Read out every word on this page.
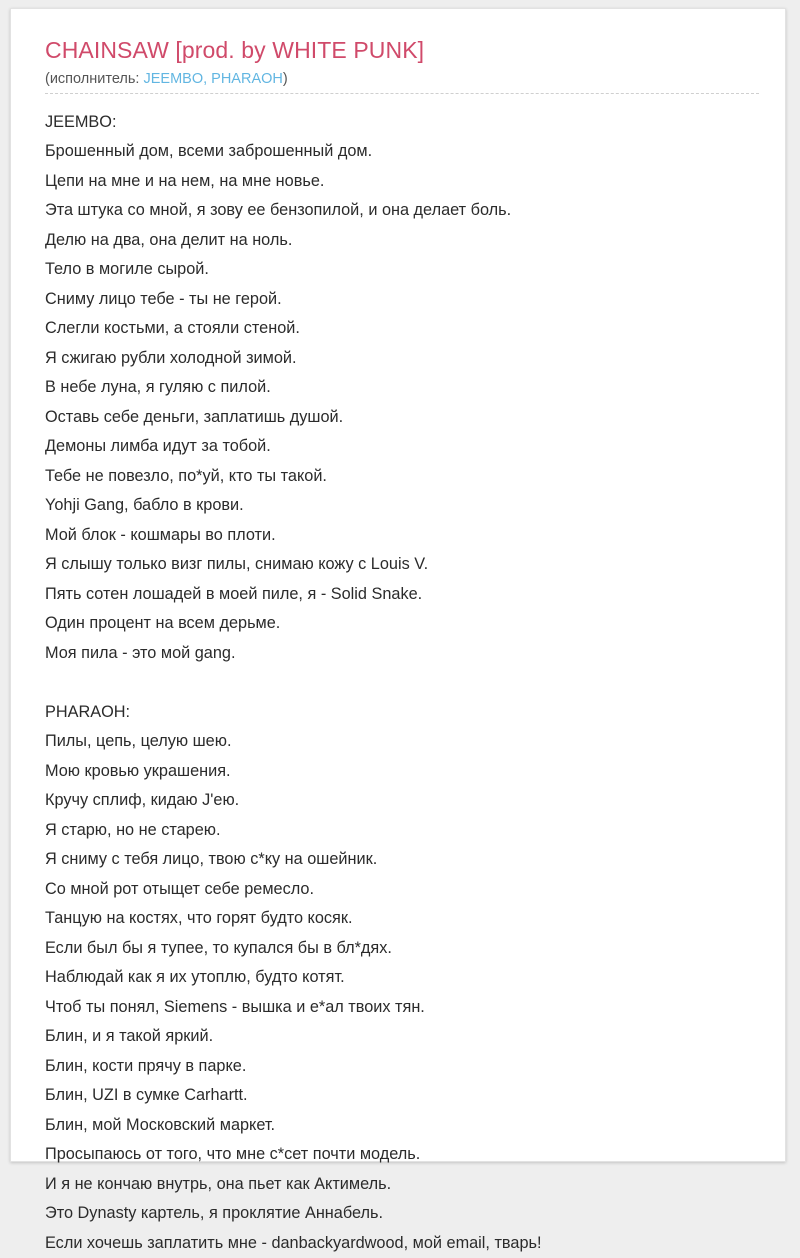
CHAINSAW [prod. by WHITE PUNK]
(исполнитель: JEEMBO, PHARAOH)
JEEMBO:
Брошенный дом, всеми заброшенный дом.
Цепи на мне и на нем, на мне новье.
Эта штука со мной, я зову ее бензопилой, и она делает боль.
Делю на два, она делит на ноль.
Тело в могиле сырой.
Сниму лицо тебе - ты не герой.
Слегли костьми, а стояли стеной.
Я сжигаю рубли холодной зимой.
В небе луна, я гуляю с пилой.
Оставь себе деньги, заплатишь душой.
Демоны лимба идут за тобой.
Тебе не повезло, по*уй, кто ты такой.
Yohji Gang, бабло в крови.
Мой блок - кошмары во плоти.
Я слышу только визг пилы, снимаю кожу с Louis V.
Пять сотен лошадей в моей пиле, я - Solid Snake.
Один процент на всем дерьме.
Моя пила - это мой gang.
PHARAOH:
Пилы, цепь, целую шею.
Мою кровью украшения.
Кручу сплиф, кидаю J'ею.
Я старю, но не старею.
Я сниму с тебя лицо, твою с*ку на ошейник.
Со мной рот отыщет себе ремесло.
Танцую на костях, что горят будто косяк.
Если был бы я тупее, то купался бы в бл*дях.
Наблюдай как я их утоплю, будто котят.
Чтоб ты понял, Siemens - вышка и е*ал твоих тян.
Блин, и я такой яркий.
Блин, кости прячу в парке.
Блин, UZI в сумке Carhartt.
Блин, мой Московский маркет.
Просыпаюсь от того, что мне с*сет почти модель.
И я не кончаю внутрь, она пьет как Актимель.
Это Dynasty картель, я проклятие Аннабель.
Если хочешь заплатить мне - danbackyardwood, мой email, тварь!
